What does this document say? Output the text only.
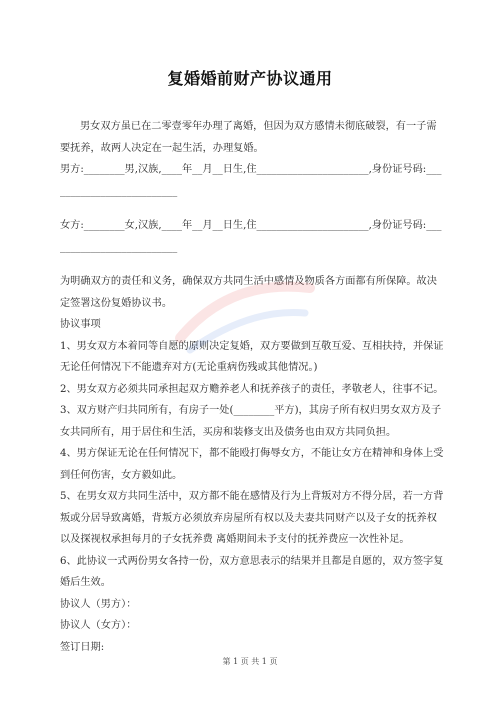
复婚婚前财产协议通用

男女双方虽已在二零壹零年办理了离婚，但因为双方感情未彻底破裂，有一子需要抚养，故两人决定在一起生活，办理复婚。

男方:________男,汉族,____年__月__日生,住______________________,身份证号码:__________________________

女方:________女,汉族,____年__月__日生,住______________________,身份证号码:__________________________

为明确双方的责任和义务，确保双方共同生活中感情及物质各方面都有所保障。故决定签署这份复婚协议书。

协议事项

1、男女双方本着同等自愿的原则决定复婚，双方要做到互敬互爱、互相扶持，并保证无论任何情况下不能遗弃对方(无论重病伤残或其他情况。)

2、男女双方必须共同承担起双方赡养老人和抚养孩子的责任，孝敬老人，往事不记。

3、双方财产归共同所有，有房子一处(________平方)，其房子所有权归男女双方及子女共同所有，用于居住和生活，买房和装修支出及债务也由双方共同负担。

4、男方保证无论在任何情况下，都不能殴打侮辱女方，不能让女方在精神和身体上受到任何伤害，女方毅如此。

5、在男女双方共同生活中，双方都不能在感情及行为上背叛对方不得分居，若一方背叛或分居导致离婚，背叛方必须放弃房屋所有权以及夫妻共同财产以及子女的抚养权以及探视权承担每月的子女抚养费 离婚期间未予支付的抚养费应一次性补足。

6、此协议一式两份男女各持一份，双方意思表示的结果并且都是自愿的，双方签字复婚后生效。

协议人（男方）：

协议人（女方）：

签订日期:

第 1 页 共 1 页
